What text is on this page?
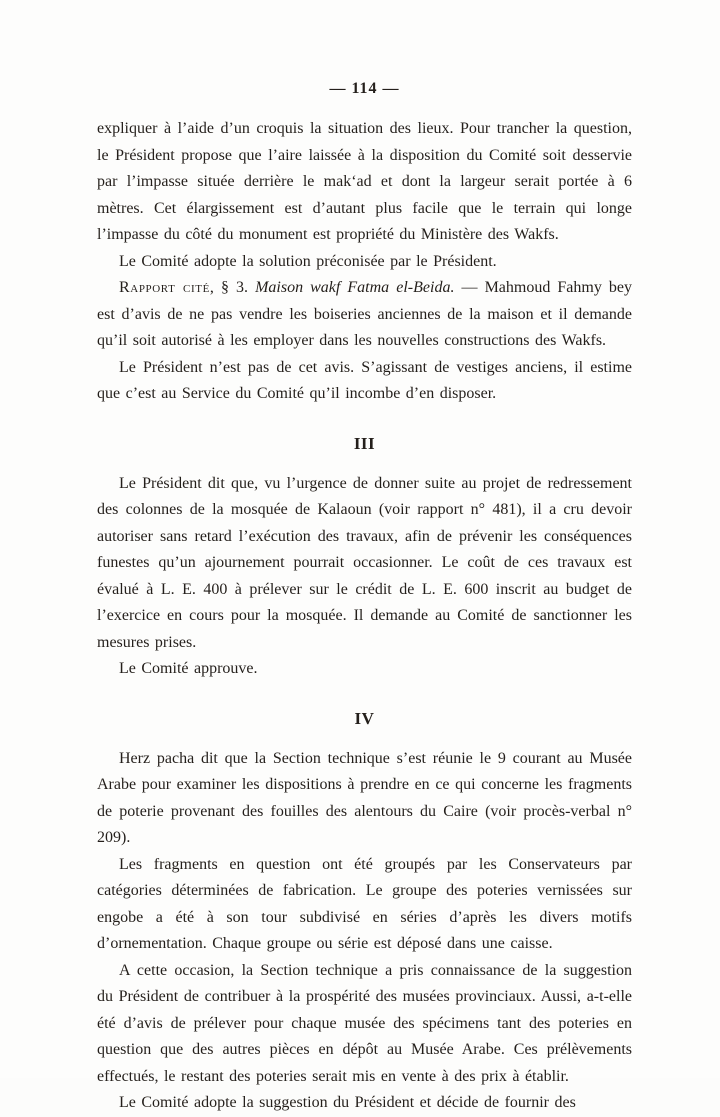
— 114 —

expliquer à l’aide d’un croquis la situation des lieux. Pour trancher la question, le Président propose que l’aire laissée à la disposition du Comité soit desservie par l’impasse située derrière le mak‘ad et dont la largeur serait portée à 6 mètres. Cet élargissement est d’autant plus facile que le terrain qui longe l’impasse du côté du monument est propriété du Ministère des Wakfs.

Le Comité adopte la solution préconisée par le Président.

Rapport cité, § 3. Maison wakf Fatma el-Beida. — Mahmoud Fahmy bey est d’avis de ne pas vendre les boiseries anciennes de la maison et il demande qu’il soit autorisé à les employer dans les nouvelles constructions des Wakfs.

Le Président n’est pas de cet avis. S’agissant de vestiges anciens, il estime que c’est au Service du Comité qu’il incombe d’en disposer.

III

Le Président dit que, vu l’urgence de donner suite au projet de redressement des colonnes de la mosquée de Kalaoun (voir rapport n° 481), il a cru devoir autoriser sans retard l’exécution des travaux, afin de prévenir les conséquences funestes qu’un ajournement pourrait occasionner. Le coût de ces travaux est évalué à L. E. 400 à prélever sur le crédit de L. E. 600 inscrit au budget de l’exercice en cours pour la mosquée. Il demande au Comité de sanctionner les mesures prises.

Le Comité approuve.

IV

Herz pacha dit que la Section technique s’est réunie le 9 courant au Musée Arabe pour examiner les dispositions à prendre en ce qui concerne les fragments de poterie provenant des fouilles des alentours du Caire (voir procès-verbal n° 209).

Les fragments en question ont été groupés par les Conservateurs par catégories déterminées de fabrication. Le groupe des poteries vernissées sur engobe a été à son tour subdivisé en séries d’après les divers motifs d’ornementation. Chaque groupe ou série est déposé dans une caisse.

A cette occasion, la Section technique a pris connaissance de la suggestion du Président de contribuer à la prospérité des musées provinciaux. Aussi, a-t-elle été d’avis de prélever pour chaque musée des spécimens tant des poteries en question que des autres pièces en dépôt au Musée Arabe. Ces prélèvements effectués, le restant des poteries serait mis en vente à des prix à établir.

Le Comité adopte la suggestion du Président et décide de fournir des
